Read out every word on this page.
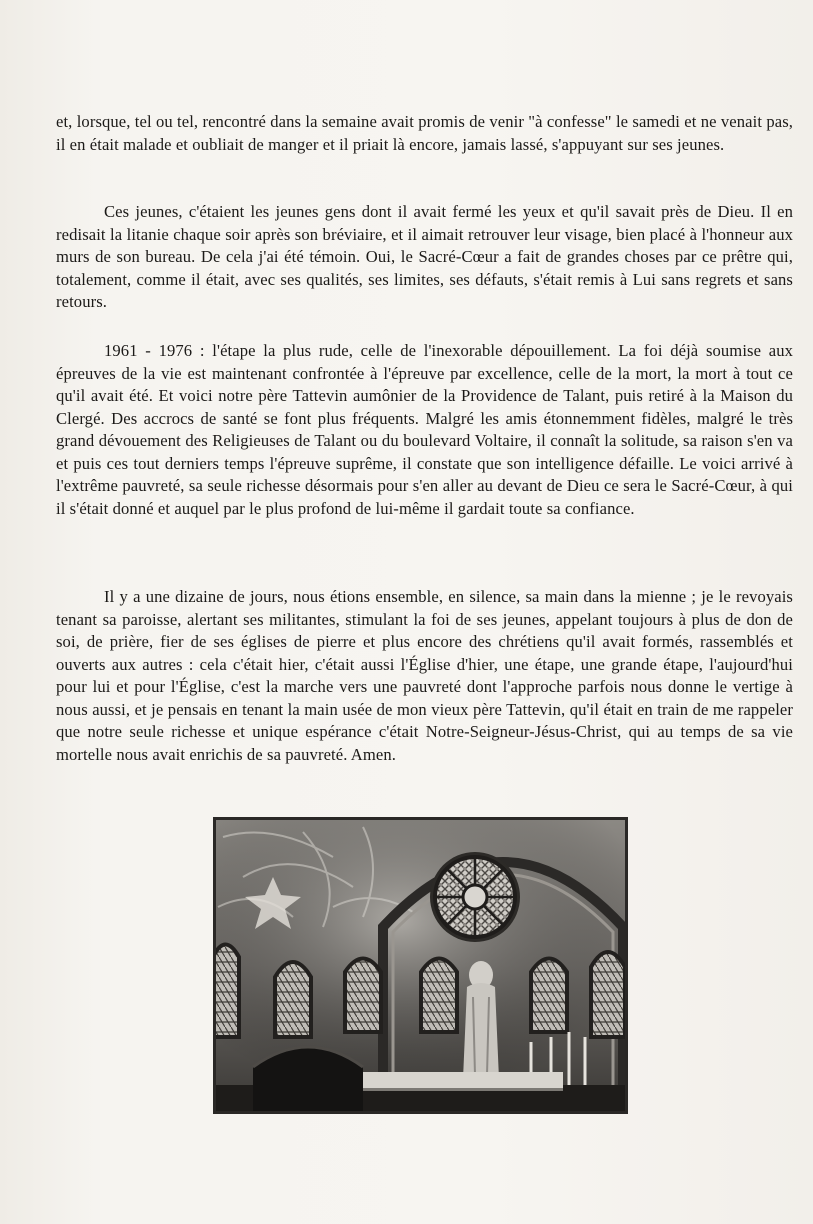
et, lorsque, tel ou tel, rencontré dans la semaine avait promis de venir "à confesse" le samedi et ne venait pas, il en était malade et oubliait de manger et il priait là encore, jamais lassé, s'appuyant sur ses jeunes.

Ces jeunes, c'étaient les jeunes gens dont il avait fermé les yeux et qu'il savait près de Dieu. Il en redisait la litanie chaque soir après son bréviaire, et il aimait retrouver leur visage, bien placé à l'honneur aux murs de son bureau. De cela j'ai été témoin. Oui, le Sacré-Cœur a fait de grandes choses par ce prêtre qui, totalement, comme il était, avec ses qualités, ses limites, ses défauts, s'était remis à Lui sans regrets et sans retours.

1961 - 1976 : l'étape la plus rude, celle de l'inexorable dépouillement. La foi déjà soumise aux épreuves de la vie est maintenant confrontée à l'épreuve par excellence, celle de la mort, la mort à tout ce qu'il avait été. Et voici notre père Tattevin aumônier de la Providence de Talant, puis retiré à la Maison du Clergé. Des accrocs de santé se font plus fréquents. Malgré les amis étonnemment fidèles, malgré le très grand dévouement des Religieuses de Talant ou du boulevard Voltaire, il connaît la solitude, sa raison s'en va et puis ces tout derniers temps l'épreuve suprême, il constate que son intelligence défaille. Le voici arrivé à l'extrême pauvreté, sa seule richesse désormais pour s'en aller au devant de Dieu ce sera le Sacré-Cœur, à qui il s'était donné et auquel par le plus profond de lui-même il gardait toute sa confiance.

Il y a une dizaine de jours, nous étions ensemble, en silence, sa main dans la mienne ; je le revoyais tenant sa paroisse, alertant ses militantes, stimulant la foi de ses jeunes, appelant toujours à plus de don de soi, de prière, fier de ses églises de pierre et plus encore des chrétiens qu'il avait formés, rassemblés et ouverts aux autres : cela c'était hier, c'était aussi l'Église d'hier, une étape, une grande étape, l'aujourd'hui pour lui et pour l'Église, c'est la marche vers une pauvreté dont l'approche parfois nous donne le vertige à nous aussi, et je pensais en tenant la main usée de mon vieux père Tattevin, qu'il était en train de me rappeler que notre seule richesse et unique espérance c'était Notre-Seigneur-Jésus-Christ, qui au temps de sa vie mortelle nous avait enrichis de sa pauvreté. Amen.
